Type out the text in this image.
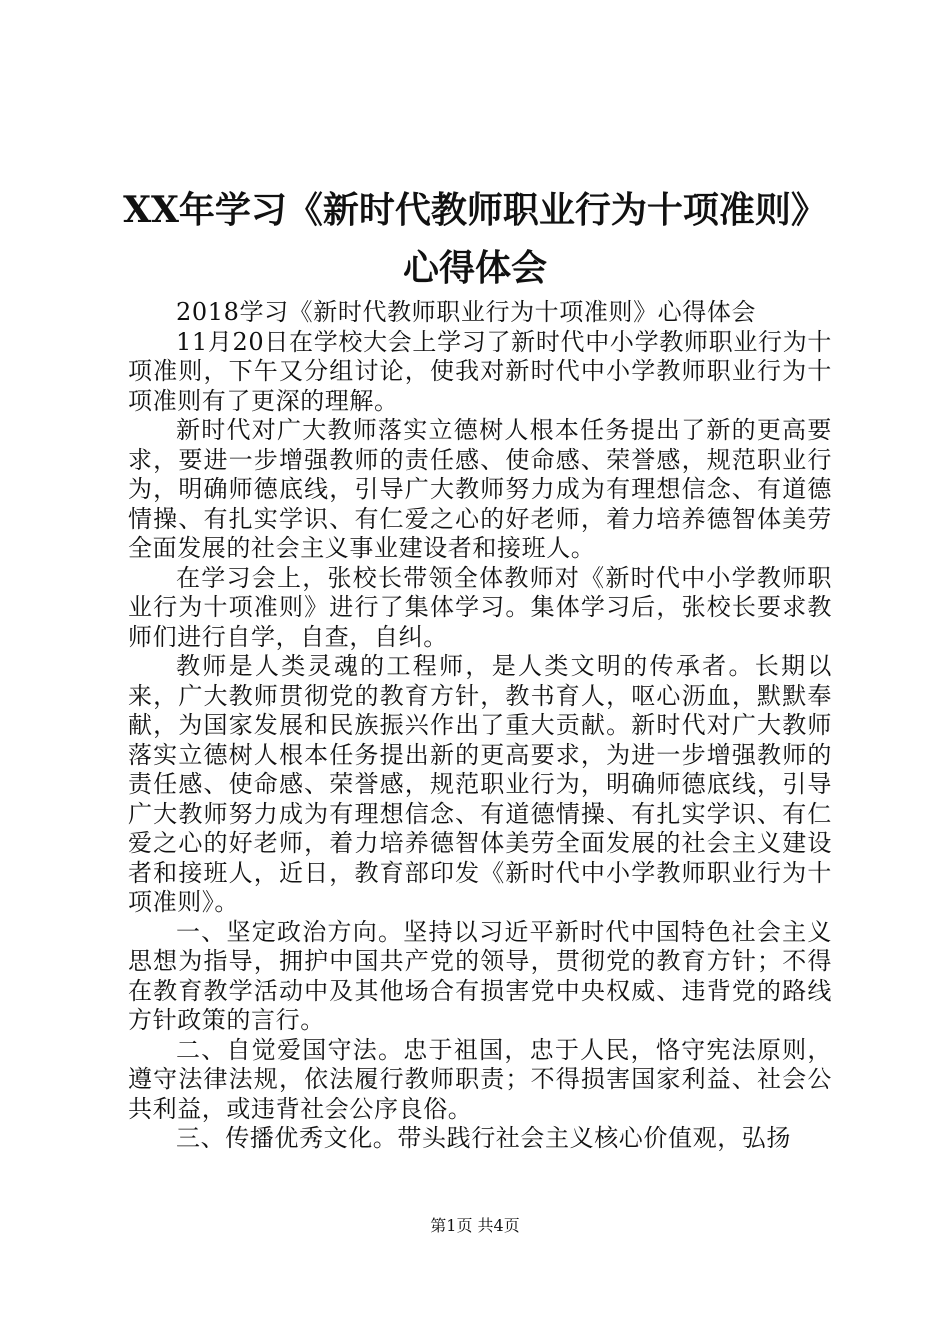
XX年学习《新时代教师职业行为十项准则》
心得体会

2018学习《新时代教师职业行为十项准则》心得体会

11月20日在学校大会上学习了新时代中小学教师职业行为十项准则，下午又分组讨论，使我对新时代中小学教师职业行为十项准则有了更深的理解。

新时代对广大教师落实立德树人根本任务提出了新的更高要求，要进一步增强教师的责任感、使命感、荣誉感，规范职业行为，明确师德底线，引导广大教师努力成为有理想信念、有道德情操、有扎实学识、有仁爱之心的好老师，着力培养德智体美劳全面发展的社会主义事业建设者和接班人。

在学习会上，张校长带领全体教师对《新时代中小学教师职业行为十项准则》进行了集体学习。集体学习后，张校长要求教师们进行自学，自查，自纠。

教师是人类灵魂的工程师，是人类文明的传承者。长期以来，广大教师贯彻党的教育方针，教书育人，呕心沥血，默默奉献，为国家发展和民族振兴作出了重大贡献。新时代对广大教师落实立德树人根本任务提出新的更高要求，为进一步增强教师的责任感、使命感、荣誉感，规范职业行为，明确师德底线，引导广大教师努力成为有理想信念、有道德情操、有扎实学识、有仁爱之心的好老师，着力培养德智体美劳全面发展的社会主义建设者和接班人，近日，教育部印发《新时代中小学教师职业行为十项准则》。

一、坚定政治方向。坚持以习近平新时代中国特色社会主义思想为指导，拥护中国共产党的领导，贯彻党的教育方针；不得在教育教学活动中及其他场合有损害党中央权威、违背党的路线方针政策的言行。

二、自觉爱国守法。忠于祖国，忠于人民，恪守宪法原则，遵守法律法规，依法履行教师职责；不得损害国家利益、社会公共利益，或违背社会公序良俗。

三、传播优秀文化。带头践行社会主义核心价值观，弘扬

第1页 共4页
